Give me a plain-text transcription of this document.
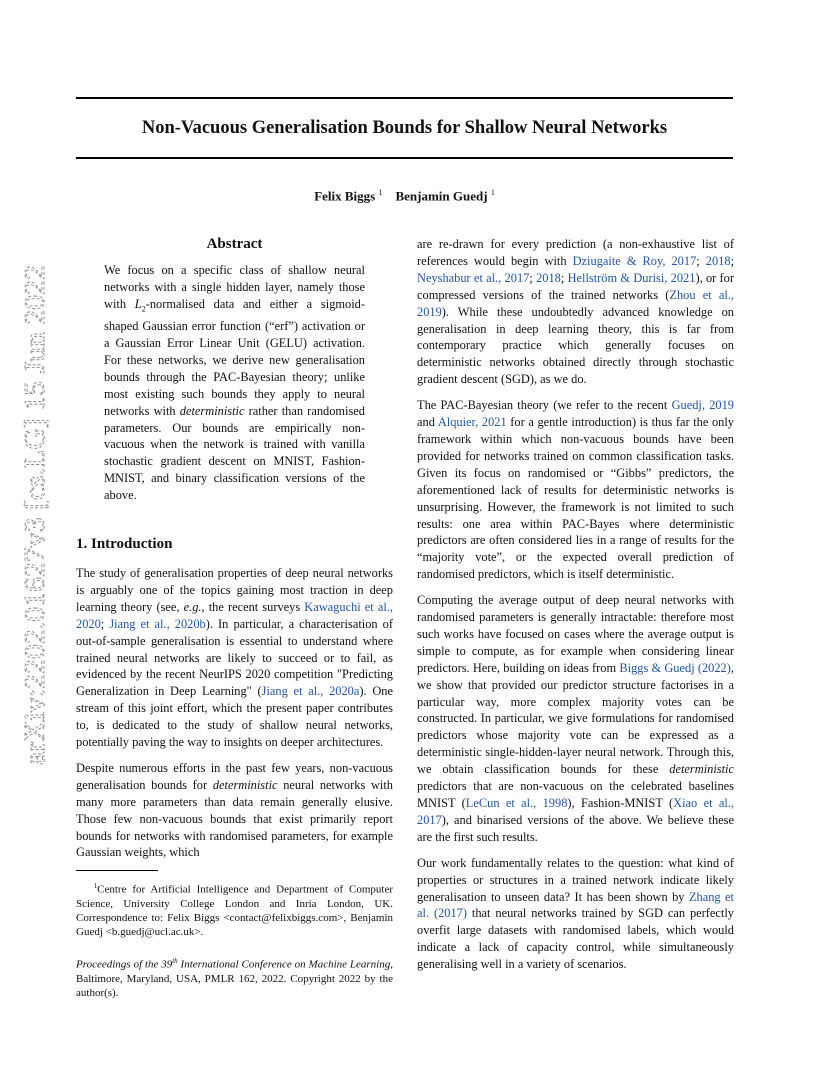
Non-Vacuous Generalisation Bounds for Shallow Neural Networks
Felix Biggs $^1$ Benjamin Guedj $^1$
arXiv:2202.01627v3 [cs.LG] 15 Jun 2022
Abstract

We focus on a specific class of shallow neural networks with a single hidden layer, namely those with $L_2$-normalised data and either a sigmoid-shaped Gaussian error function (“erf”) activation or a Gaussian Error Linear Unit (GELU) activation. For these networks, we derive new generalisation bounds through the PAC-Bayesian theory; unlike most existing such bounds they apply to neural networks with deterministic rather than randomised parameters. Our bounds are empirically non-vacuous when the network is trained with vanilla stochastic gradient descent on MNIST, Fashion-MNIST, and binary classification versions of the above.

1. Introduction

The study of generalisation properties of deep neural networks is arguably one of the topics gaining most traction in deep learning theory (see, e.g., the recent surveys Kawaguchi et al., 2020; Jiang et al., 2020b). In particular, a characterisation of out-of-sample generalisation is essential to understand where trained neural networks are likely to succeed or to fail, as evidenced by the recent NeurIPS 2020 competition "Predicting Generalization in Deep Learning" (Jiang et al., 2020a). One stream of this joint effort, which the present paper contributes to, is dedicated to the study of shallow neural networks, potentially paving the way to insights on deeper architectures.

Despite numerous efforts in the past few years, non-vacuous generalisation bounds for deterministic neural networks with many more parameters than data remain generally elusive. Those few non-vacuous bounds that exist primarily report bounds for networks with randomised parameters, for example Gaussian weights, which

$^1$Centre for Artificial Intelligence and Department of Computer Science, University College London and Inria London, UK. Correspondence to: Felix Biggs <contact@felixbiggs.com>, Benjamin Guedj <b.guedj@ucl.ac.uk>.

Proceedings of the 39th International Conference on Machine Learning, Baltimore, Maryland, USA, PMLR 162, 2022. Copyright 2022 by the author(s).

are re-drawn for every prediction (a non-exhaustive list of references would begin with Dziugaite & Roy, 2017; 2018; Neyshabur et al., 2017; 2018; Hellström & Durisi, 2021), or for compressed versions of the trained networks (Zhou et al., 2019). While these undoubtedly advanced knowledge on generalisation in deep learning theory, this is far from contemporary practice which generally focuses on deterministic networks obtained directly through stochastic gradient descent (SGD), as we do.

The PAC-Bayesian theory (we refer to the recent Guedj, 2019 and Alquier, 2021 for a gentle introduction) is thus far the only framework within which non-vacuous bounds have been provided for networks trained on common classification tasks. Given its focus on randomised or “Gibbs” predictors, the aforementioned lack of results for deterministic networks is unsurprising. However, the framework is not limited to such results: one area within PAC-Bayes where deterministic predictors are often considered lies in a range of results for the “majority vote”, or the expected overall prediction of randomised predictors, which is itself deterministic.

Computing the average output of deep neural networks with randomised parameters is generally intractable: therefore most such works have focused on cases where the average output is simple to compute, as for example when considering linear predictors. Here, building on ideas from Biggs & Guedj (2022), we show that provided our predictor structure factorises in a particular way, more complex majority votes can be constructed. In particular, we give formulations for randomised predictors whose majority vote can be expressed as a deterministic single-hidden-layer neural network. Through this, we obtain classification bounds for these deterministic predictors that are non-vacuous on the celebrated baselines MNIST (LeCun et al., 1998), Fashion-MNIST (Xiao et al., 2017), and binarised versions of the above. We believe these are the first such results.

Our work fundamentally relates to the question: what kind of properties or structures in a trained network indicate likely generalisation to unseen data? It has been shown by Zhang et al. (2017) that neural networks trained by SGD can perfectly overfit large datasets with randomised labels, which would indicate a lack of capacity control, while simultaneously generalising well in a variety of scenarios.
